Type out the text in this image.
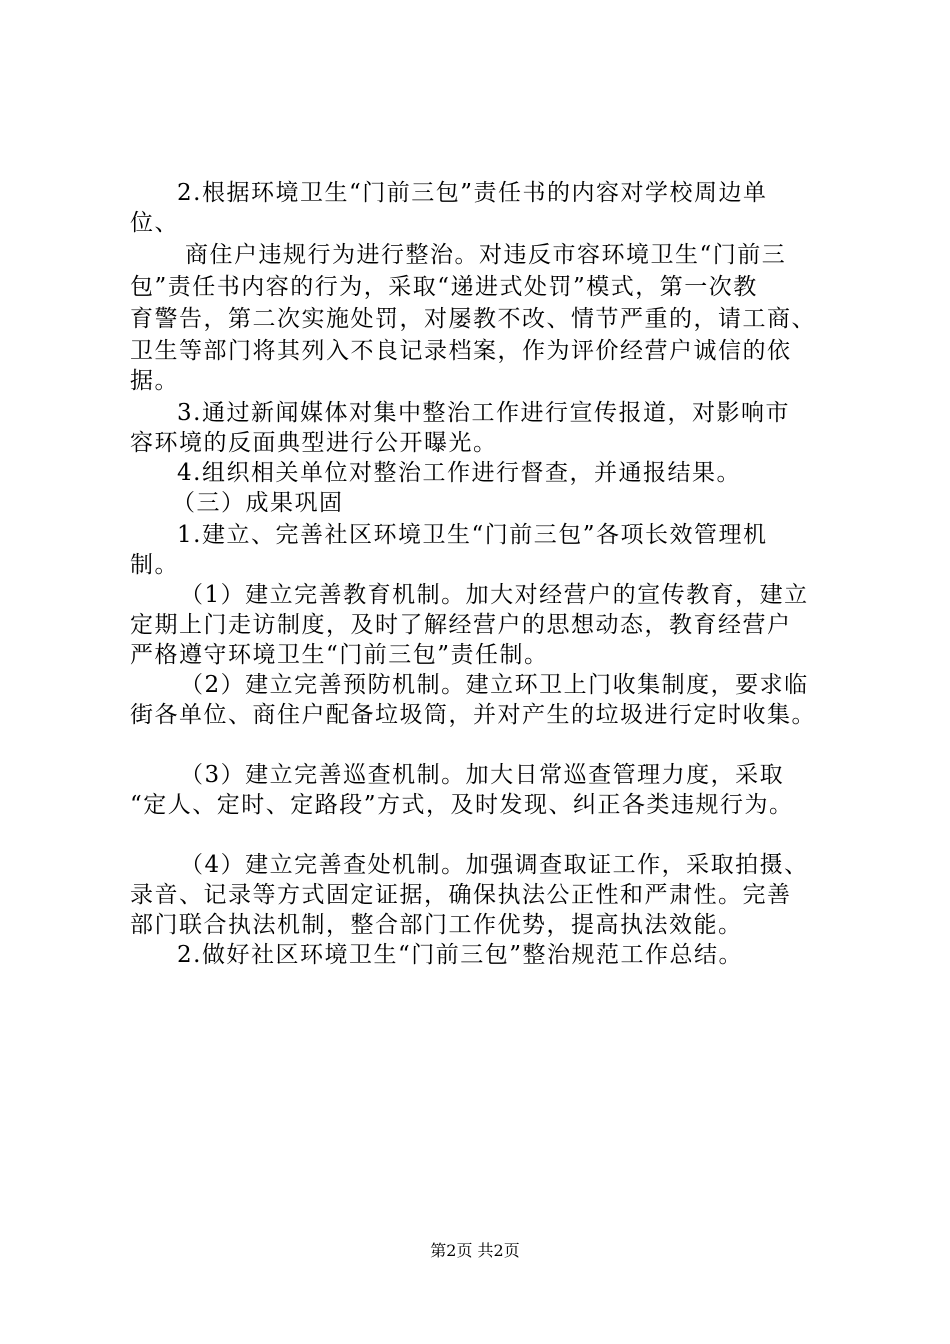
2.根据环境卫生“门前三包”责任书的内容对学校周边单
位、
商住户违规行为进行整治。对违反市容环境卫生“门前三
包”责任书内容的行为，采取“递进式处罚”模式，第一次教
育警告，第二次实施处罚，对屡教不改、情节严重的，请工商、
卫生等部门将其列入不良记录档案，作为评价经营户诚信的依
据。
3.通过新闻媒体对集中整治工作进行宣传报道，对影响市
容环境的反面典型进行公开曝光。
4.组织相关单位对整治工作进行督查，并通报结果。
（三）成果巩固
1.建立、完善社区环境卫生“门前三包”各项长效管理机
制。
（1）建立完善教育机制。加大对经营户的宣传教育，建立
定期上门走访制度，及时了解经营户的思想动态，教育经营户
严格遵守环境卫生“门前三包”责任制。
（2）建立完善预防机制。建立环卫上门收集制度，要求临
街各单位、商住户配备垃圾筒，并对产生的垃圾进行定时收集。
（3）建立完善巡查机制。加大日常巡查管理力度，采取
“定人、定时、定路段”方式，及时发现、纠正各类违规行为。
（4）建立完善查处机制。加强调查取证工作，采取拍摄、
录音、记录等方式固定证据，确保执法公正性和严肃性。完善
部门联合执法机制，整合部门工作优势，提高执法效能。
2.做好社区环境卫生“门前三包”整治规范工作总结。
第2页 共2页
